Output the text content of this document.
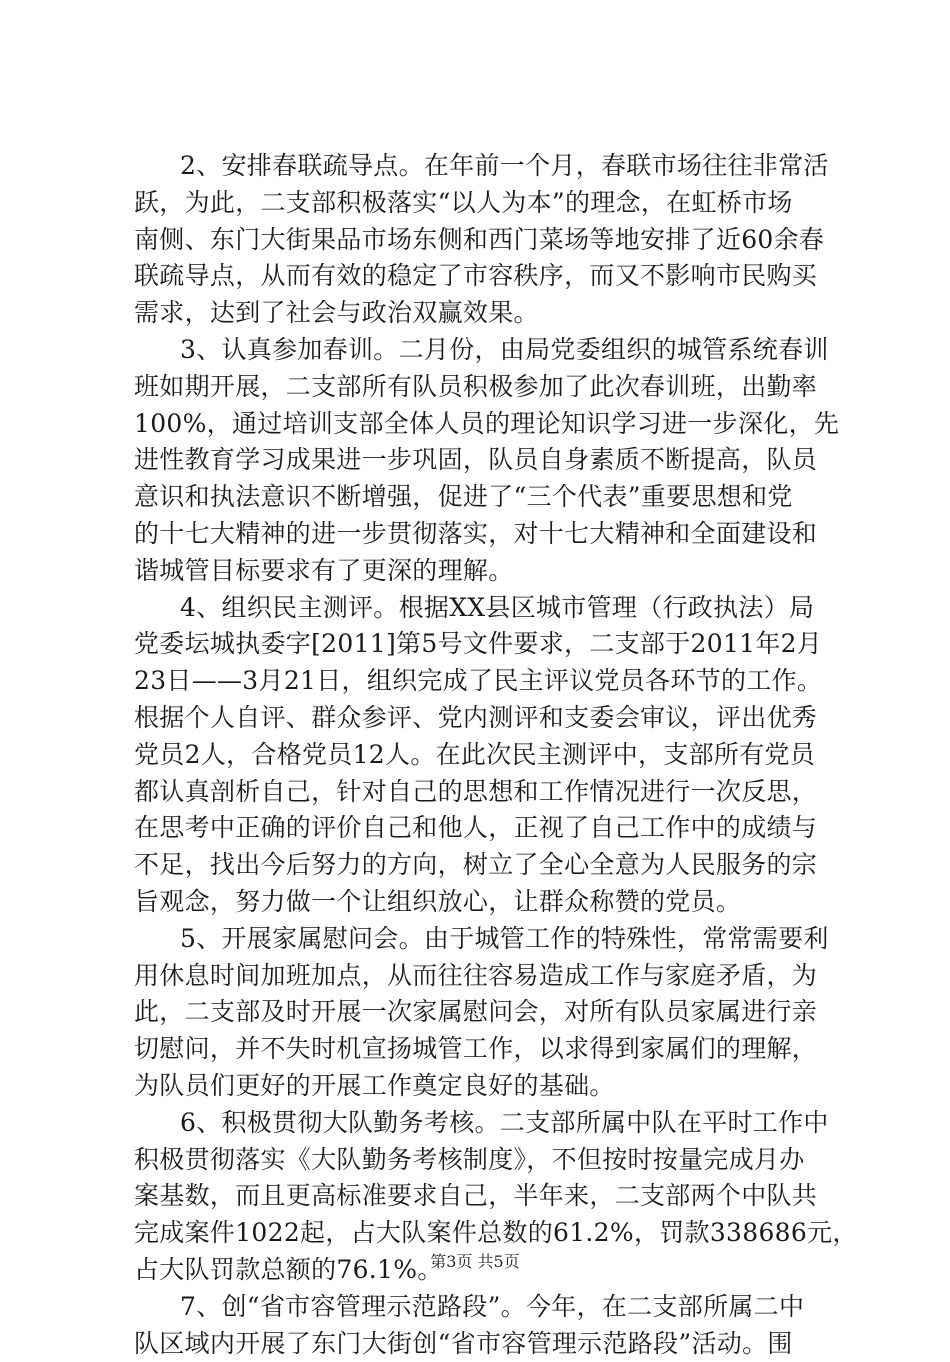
2、安排春联疏导点。在年前一个月，春联市场往往非常活
跃，为此，二支部积极落实“以人为本”的理念，在虹桥市场
南侧、东门大街果品市场东侧和西门菜场等地安排了近60余春
联疏导点，从而有效的稳定了市容秩序，而又不影响市民购买
需求，达到了社会与政治双赢效果。
3、认真参加春训。二月份，由局党委组织的城管系统春训
班如期开展，二支部所有队员积极参加了此次春训班，出勤率
100%，通过培训支部全体人员的理论知识学习进一步深化，先
进性教育学习成果进一步巩固，队员自身素质不断提高，队员
意识和执法意识不断增强，促进了“三个代表”重要思想和党
的十七大精神的进一步贯彻落实，对十七大精神和全面建设和
谐城管目标要求有了更深的理解。
4、组织民主测评。根据XX县区城市管理（行政执法）局
党委坛城执委字[2011]第5号文件要求，二支部于2011年2月
23日——3月21日，组织完成了民主评议党员各环节的工作。
根据个人自评、群众参评、党内测评和支委会审议，评出优秀
党员2人，合格党员12人。在此次民主测评中，支部所有党员
都认真剖析自己，针对自己的思想和工作情况进行一次反思，
在思考中正确的评价自己和他人，正视了自己工作中的成绩与
不足，找出今后努力的方向，树立了全心全意为人民服务的宗
旨观念，努力做一个让组织放心，让群众称赞的党员。
5、开展家属慰问会。由于城管工作的特殊性，常常需要利
用休息时间加班加点，从而往往容易造成工作与家庭矛盾，为
此，二支部及时开展一次家属慰问会，对所有队员家属进行亲
切慰问，并不失时机宣扬城管工作，以求得到家属们的理解，
为队员们更好的开展工作奠定良好的基础。
6、积极贯彻大队勤务考核。二支部所属中队在平时工作中
积极贯彻落实《大队勤务考核制度》，不但按时按量完成月办
案基数，而且更高标准要求自己，半年来，二支部两个中队共
完成案件1022起，占大队案件总数的61.2%，罚款338686元，
占大队罚款总额的76.1%。
7、创“省市容管理示范路段”。今年，在二支部所属二中
队区域内开展了东门大街创“省市容管理示范路段”活动。围
第3页 共5页
